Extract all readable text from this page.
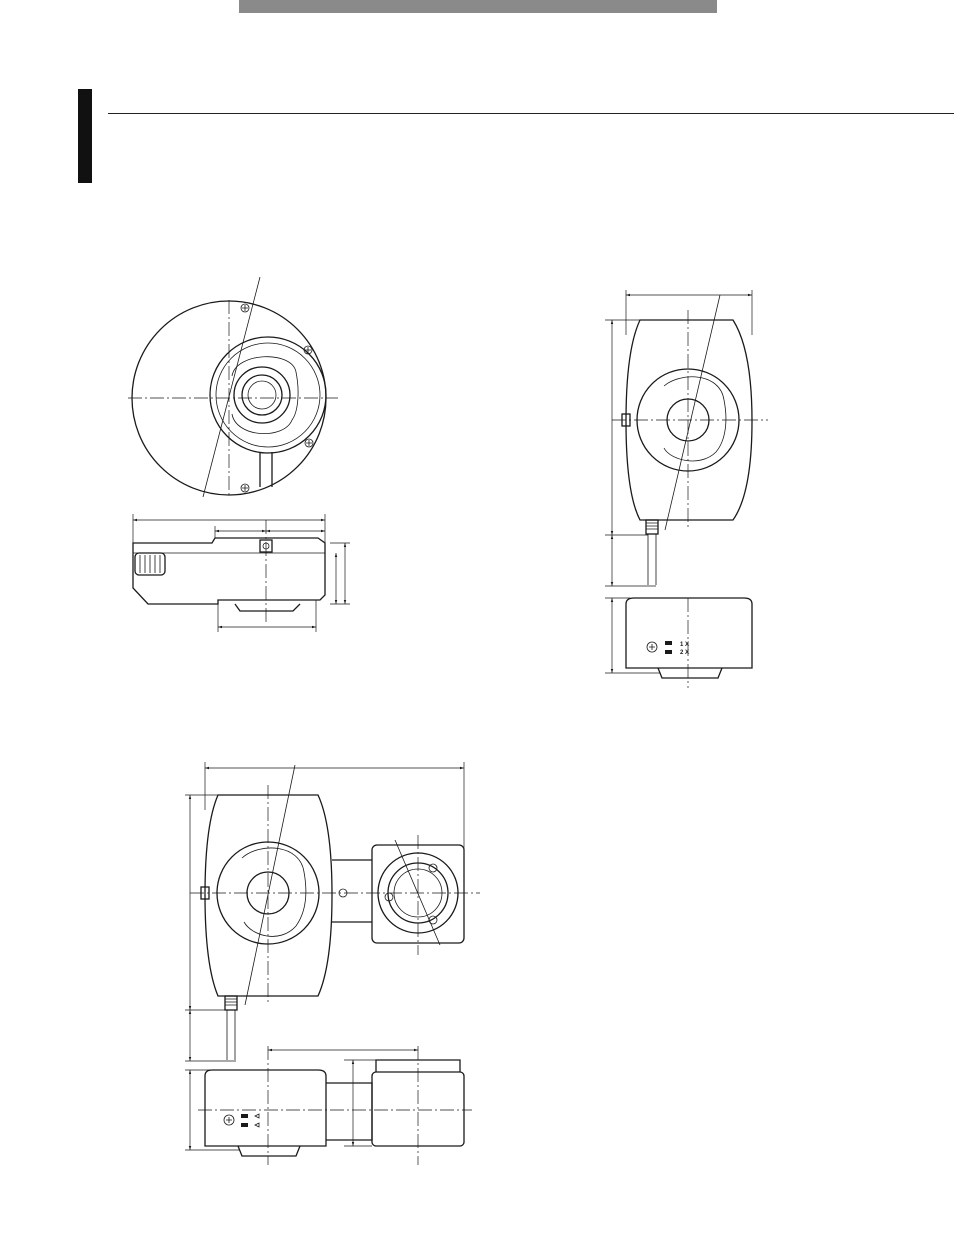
1 X
2 X
